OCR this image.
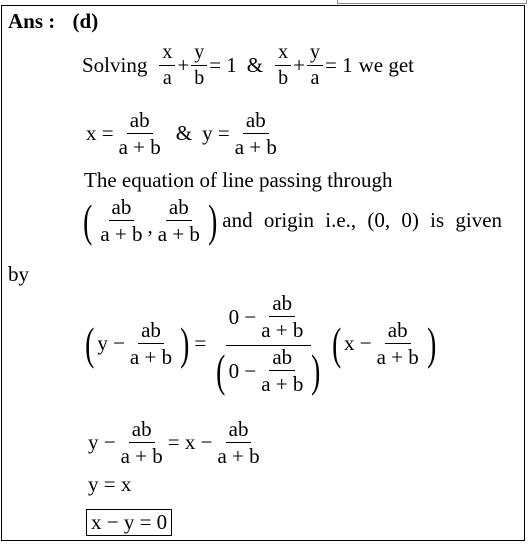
Ans : (d)
Solving $\frac{x}{a} + \frac{y}{b} = 1$ & $\frac{x}{b} + \frac{y}{a} = 1$ we get
$x = \frac{ab}{a + b}$ & $y = \frac{ab}{a + b}$
The equation of line passing through
( $\frac{ab}{a + b}$ , $\frac{ab}{a + b}$ ) and origin i.e., (0, 0) is given
by
( $y - \frac{ab}{a + b}$ ) = $\frac{0 - \frac{ab}{a + b}}{( 0 - \frac{ab}{a + b} )}$ ( $x - \frac{ab}{a + b}$ )
$y - \frac{ab}{a + b} = x - \frac{ab}{a + b}$
y = x
x − y = 0
